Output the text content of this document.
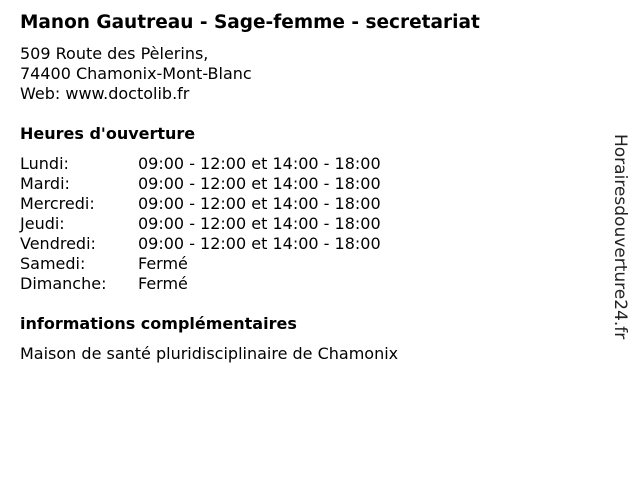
Manon Gautreau - Sage-femme - secretariat
509 Route des Pèlerins,
74400 Chamonix-Mont-Blanc
Web: www.doctolib.fr
Heures d'ouverture
Lundi:	09:00 - 12:00 et 14:00 - 18:00
Mardi:	09:00 - 12:00 et 14:00 - 18:00
Mercredi:	09:00 - 12:00 et 14:00 - 18:00
Jeudi:	09:00 - 12:00 et 14:00 - 18:00
Vendredi:	09:00 - 12:00 et 14:00 - 18:00
Samedi:	Fermé
Dimanche: Fermé
informations complémentaires
Maison de santé pluridisciplinaire de Chamonix
Horairesdouverture24.fr
